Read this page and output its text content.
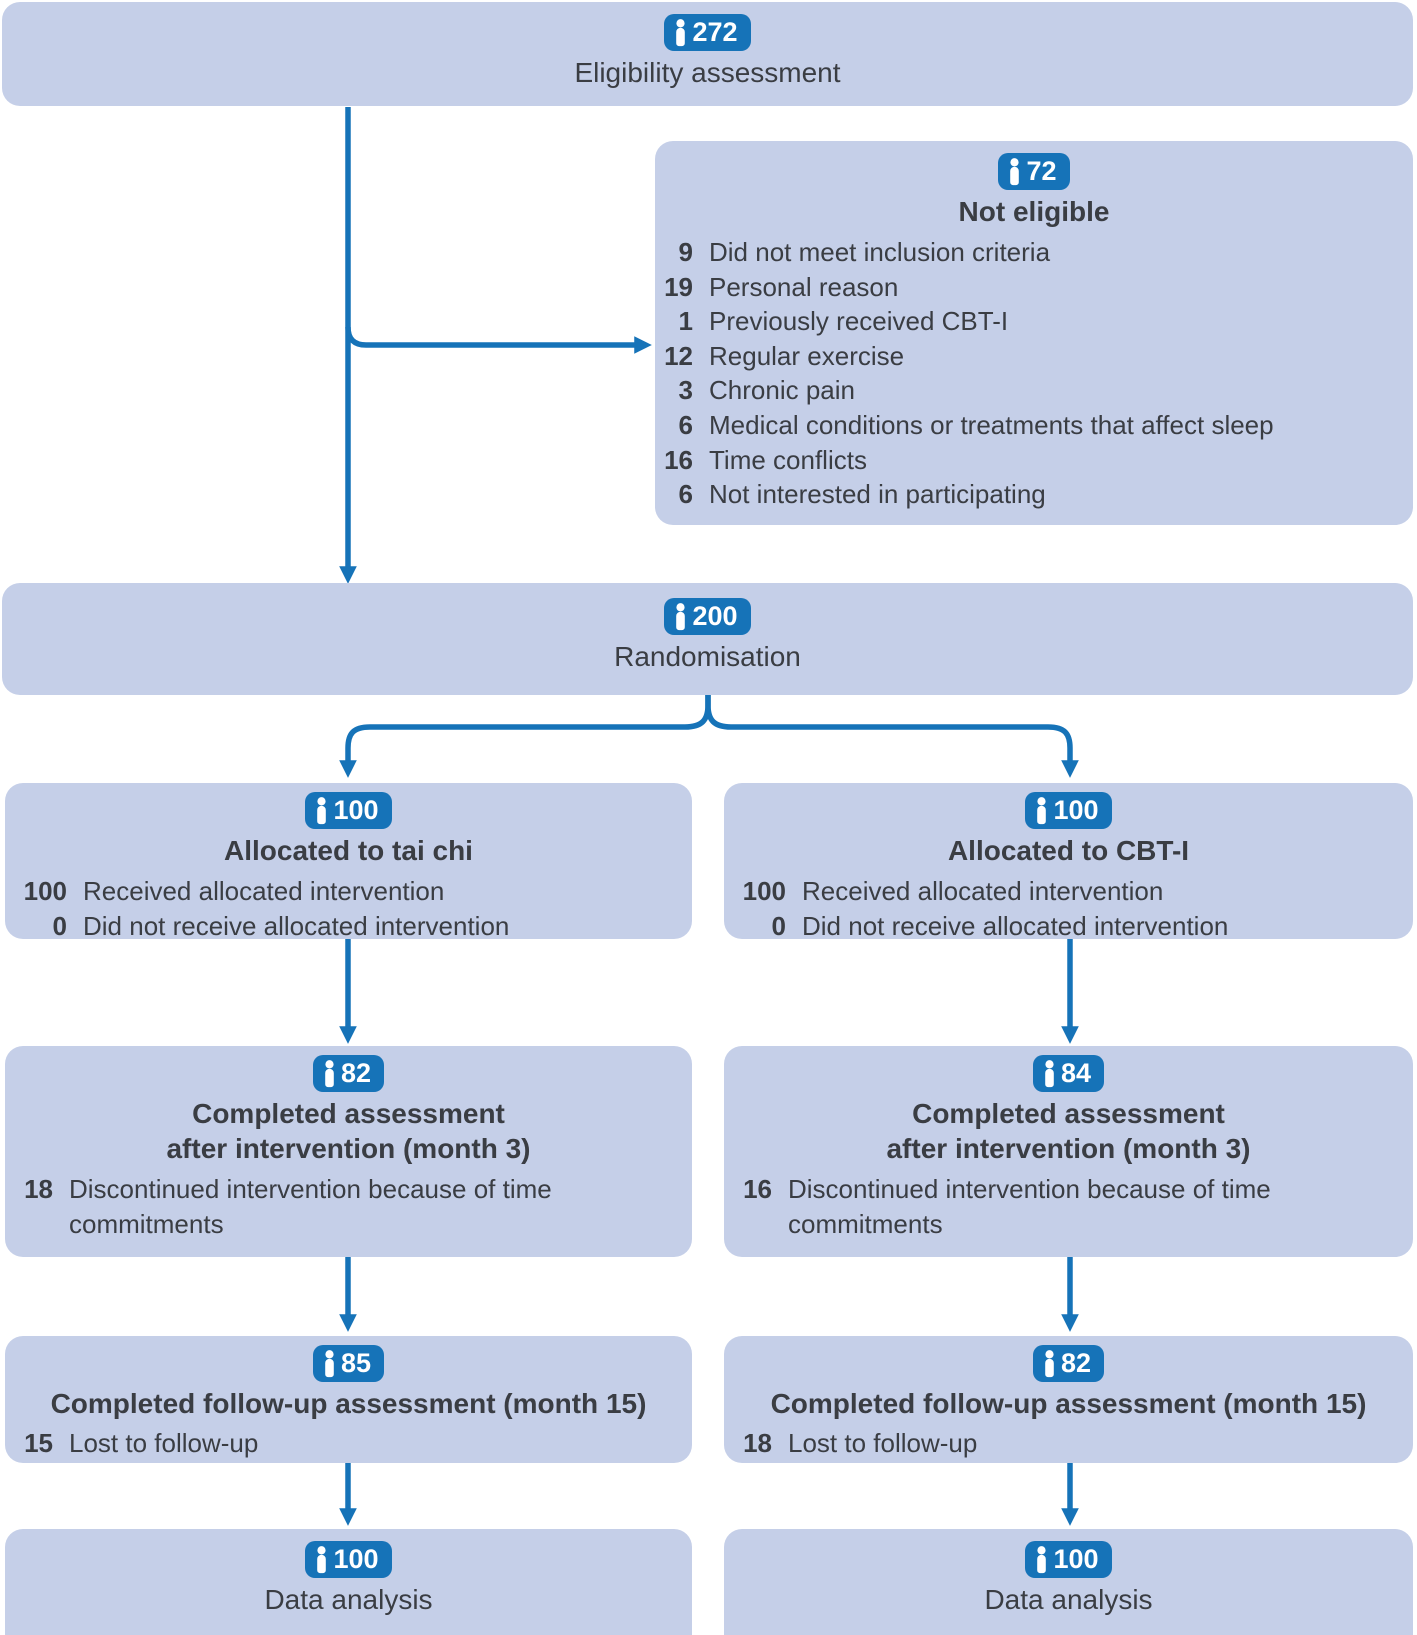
272
Eligibility assessment
72
Not eligible
9 Did not meet inclusion criteria
19 Personal reason
1 Previously received CBT-I
12 Regular exercise
3 Chronic pain
6 Medical conditions or treatments that affect sleep
16 Time conflicts
6 Not interested in participating
200
Randomisation
100
Allocated to tai chi
100 Received allocated intervention
0 Did not receive allocated intervention
100
Allocated to CBT-I
100 Received allocated intervention
0 Did not receive allocated intervention
82
Completed assessment
after intervention (month 3)
18 Discontinued intervention because of time commitments
84
Completed assessment
after intervention (month 3)
16 Discontinued intervention because of time commitments
85
Completed follow-up assessment (month 15)
15 Lost to follow-up
82
Completed follow-up assessment (month 15)
18 Lost to follow-up
100
Data analysis
100
Data analysis
